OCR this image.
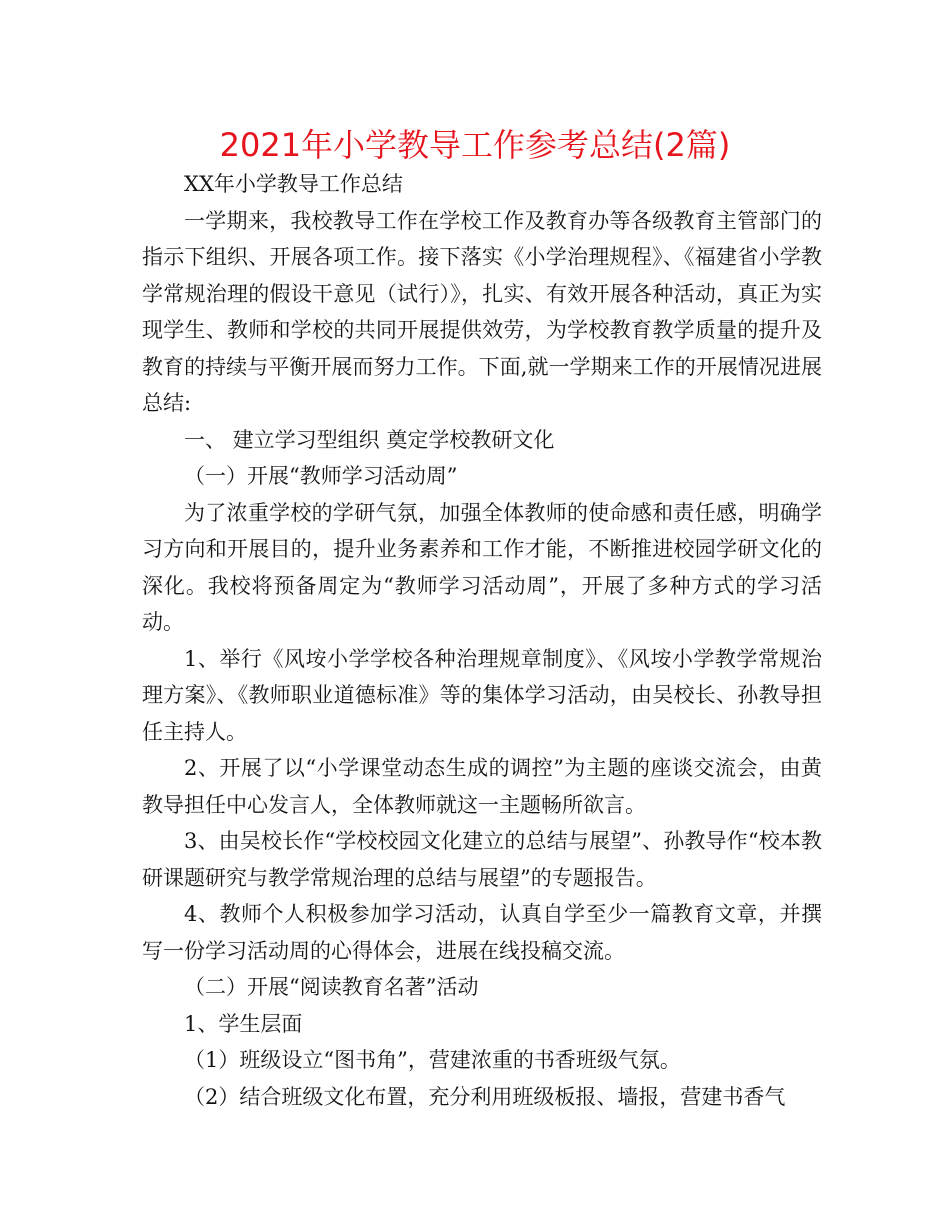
2021年小学教导工作参考总结(2篇)

XX年小学教导工作总结

一学期来，我校教导工作在学校工作及教育办等各级教育主管部门的指示下组织、开展各项工作。接下落实《小学治理规程》、《福建省小学教学常规治理的假设干意见（试行）》，扎实、有效开展各种活动，真正为实现学生、教师和学校的共同开展提供效劳，为学校教育教学质量的提升及教育的持续与平衡开展而努力工作。下面,就一学期来工作的开展情况进展总结:

一、 建立学习型组织 奠定学校教研文化

（一）开展“教师学习活动周”

为了浓重学校的学研气氛，加强全体教师的使命感和责任感，明确学习方向和开展目的，提升业务素养和工作才能，不断推进校园学研文化的深化。我校将预备周定为“教师学习活动周”，开展了多种方式的学习活动。

1、举行《风垵小学学校各种治理规章制度》、《风垵小学教学常规治理方案》、《教师职业道德标准》等的集体学习活动，由吴校长、孙教导担任主持人。

2、开展了以“小学课堂动态生成的调控”为主题的座谈交流会，由黄教导担任中心发言人，全体教师就这一主题畅所欲言。

3、由吴校长作“学校校园文化建立的总结与展望”、孙教导作“校本教研课题研究与教学常规治理的总结与展望”的专题报告。

4、教师个人积极参加学习活动，认真自学至少一篇教育文章，并撰写一份学习活动周的心得体会，进展在线投稿交流。

（二）开展“阅读教育名著”活动

1、学生层面

（1）班级设立“图书角”，营建浓重的书香班级气氛。

（2）结合班级文化布置，充分利用班级板报、墙报，营建书香气
